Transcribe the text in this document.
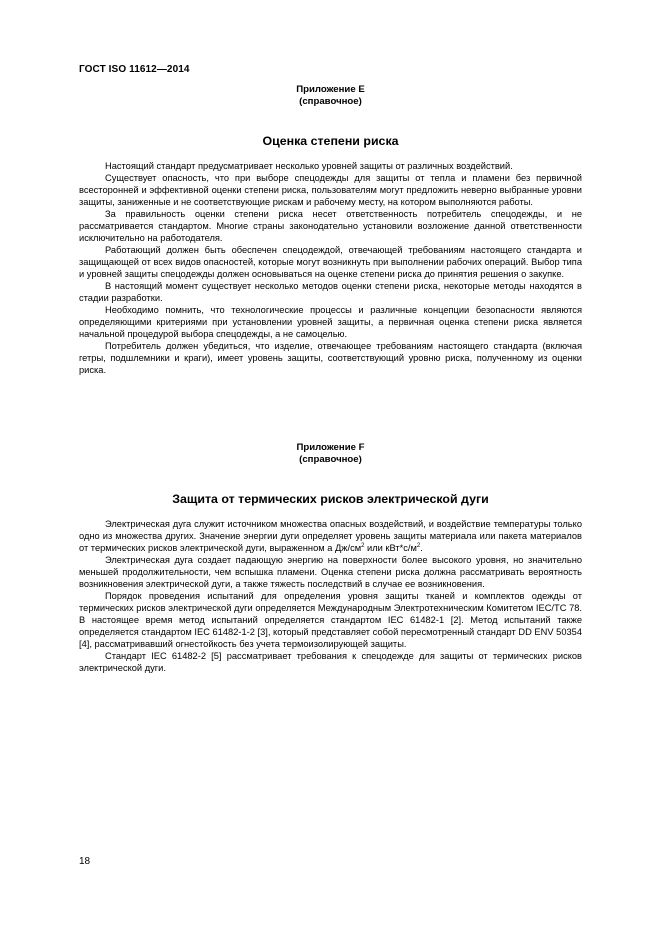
ГОСТ ISO 11612—2014
Приложение Е
(справочное)
Оценка степени риска

Настоящий стандарт предусматривает несколько уровней защиты от различных воздействий.

Существует опасность, что при выборе спецодежды для защиты от тепла и пламени без первичной всесторонней и эффективной оценки степени риска, пользователям могут предложить неверно выбранные уровни защиты, заниженные и не соответствующие рискам и рабочему месту, на котором выполняются работы.

За правильность оценки степени риска несет ответственность потребитель спецодежды, и не рассматривается стандартом. Многие страны законодательно установили возложение данной ответственности исключительно на работодателя.

Работающий должен быть обеспечен спецодеждой, отвечающей требованиям настоящего стандарта и защищающей от всех видов опасностей, которые могут возникнуть при выполнении рабочих операций. Выбор типа и уровней защиты спецодежды должен основываться на оценке степени риска до принятия решения о закупке.

В настоящий момент существует несколько методов оценки степени риска, некоторые методы находятся в стадии разработки.

Необходимо помнить, что технологические процессы и различные концепции безопасности являются определяющими критериями при установлении уровней защиты, а первичная оценка степени риска является начальной процедурой выбора спецодежды, а не самоцелью.

Потребитель должен убедиться, что изделие, отвечающее требованиям настоящего стандарта (включая гетры, подшлемники и краги), имеет уровень защиты, соответствующий уровню риска, полученному из оценки риска.

Приложение F
(справочное)
Защита от термических рисков электрической дуги

Электрическая дуга служит источником множества опасных воздействий, и воздействие температуры только одно из множества других. Значение энергии дуги определяет уровень защиты материала или пакета материалов от термических рисков электрической дуги, выраженном а $Дж/см^2$ или $кВт*с/м^2$.

Электрическая дуга создает падающую энергию на поверхности более высокого уровня, но значительно меньшей продолжительности, чем вспышка пламени. Оценка степени риска должна рассматривать вероятность возникновения электрической дуги, а также тяжесть последствий в случае ее возникновения.

Порядок проведения испытаний для определения уровня защиты тканей и комплектов одежды от термических рисков электрической дуги определяется Международным Электротехническим Комитетом IEC/TC 78. В настоящее время метод испытаний определяется стандартом IEC 61482-1 [2]. Метод испытаний также определяется стандартом IEC 61482-1-2 [3], который представляет собой пересмотренный стандарт DD ENV 50354 [4], рассматривавший огнестойкость без учета термоизолирующей защиты.

Стандарт IEC 61482-2 [5] рассматривает требования к спецодежде для защиты от термических рисков электрической дуги.

18
